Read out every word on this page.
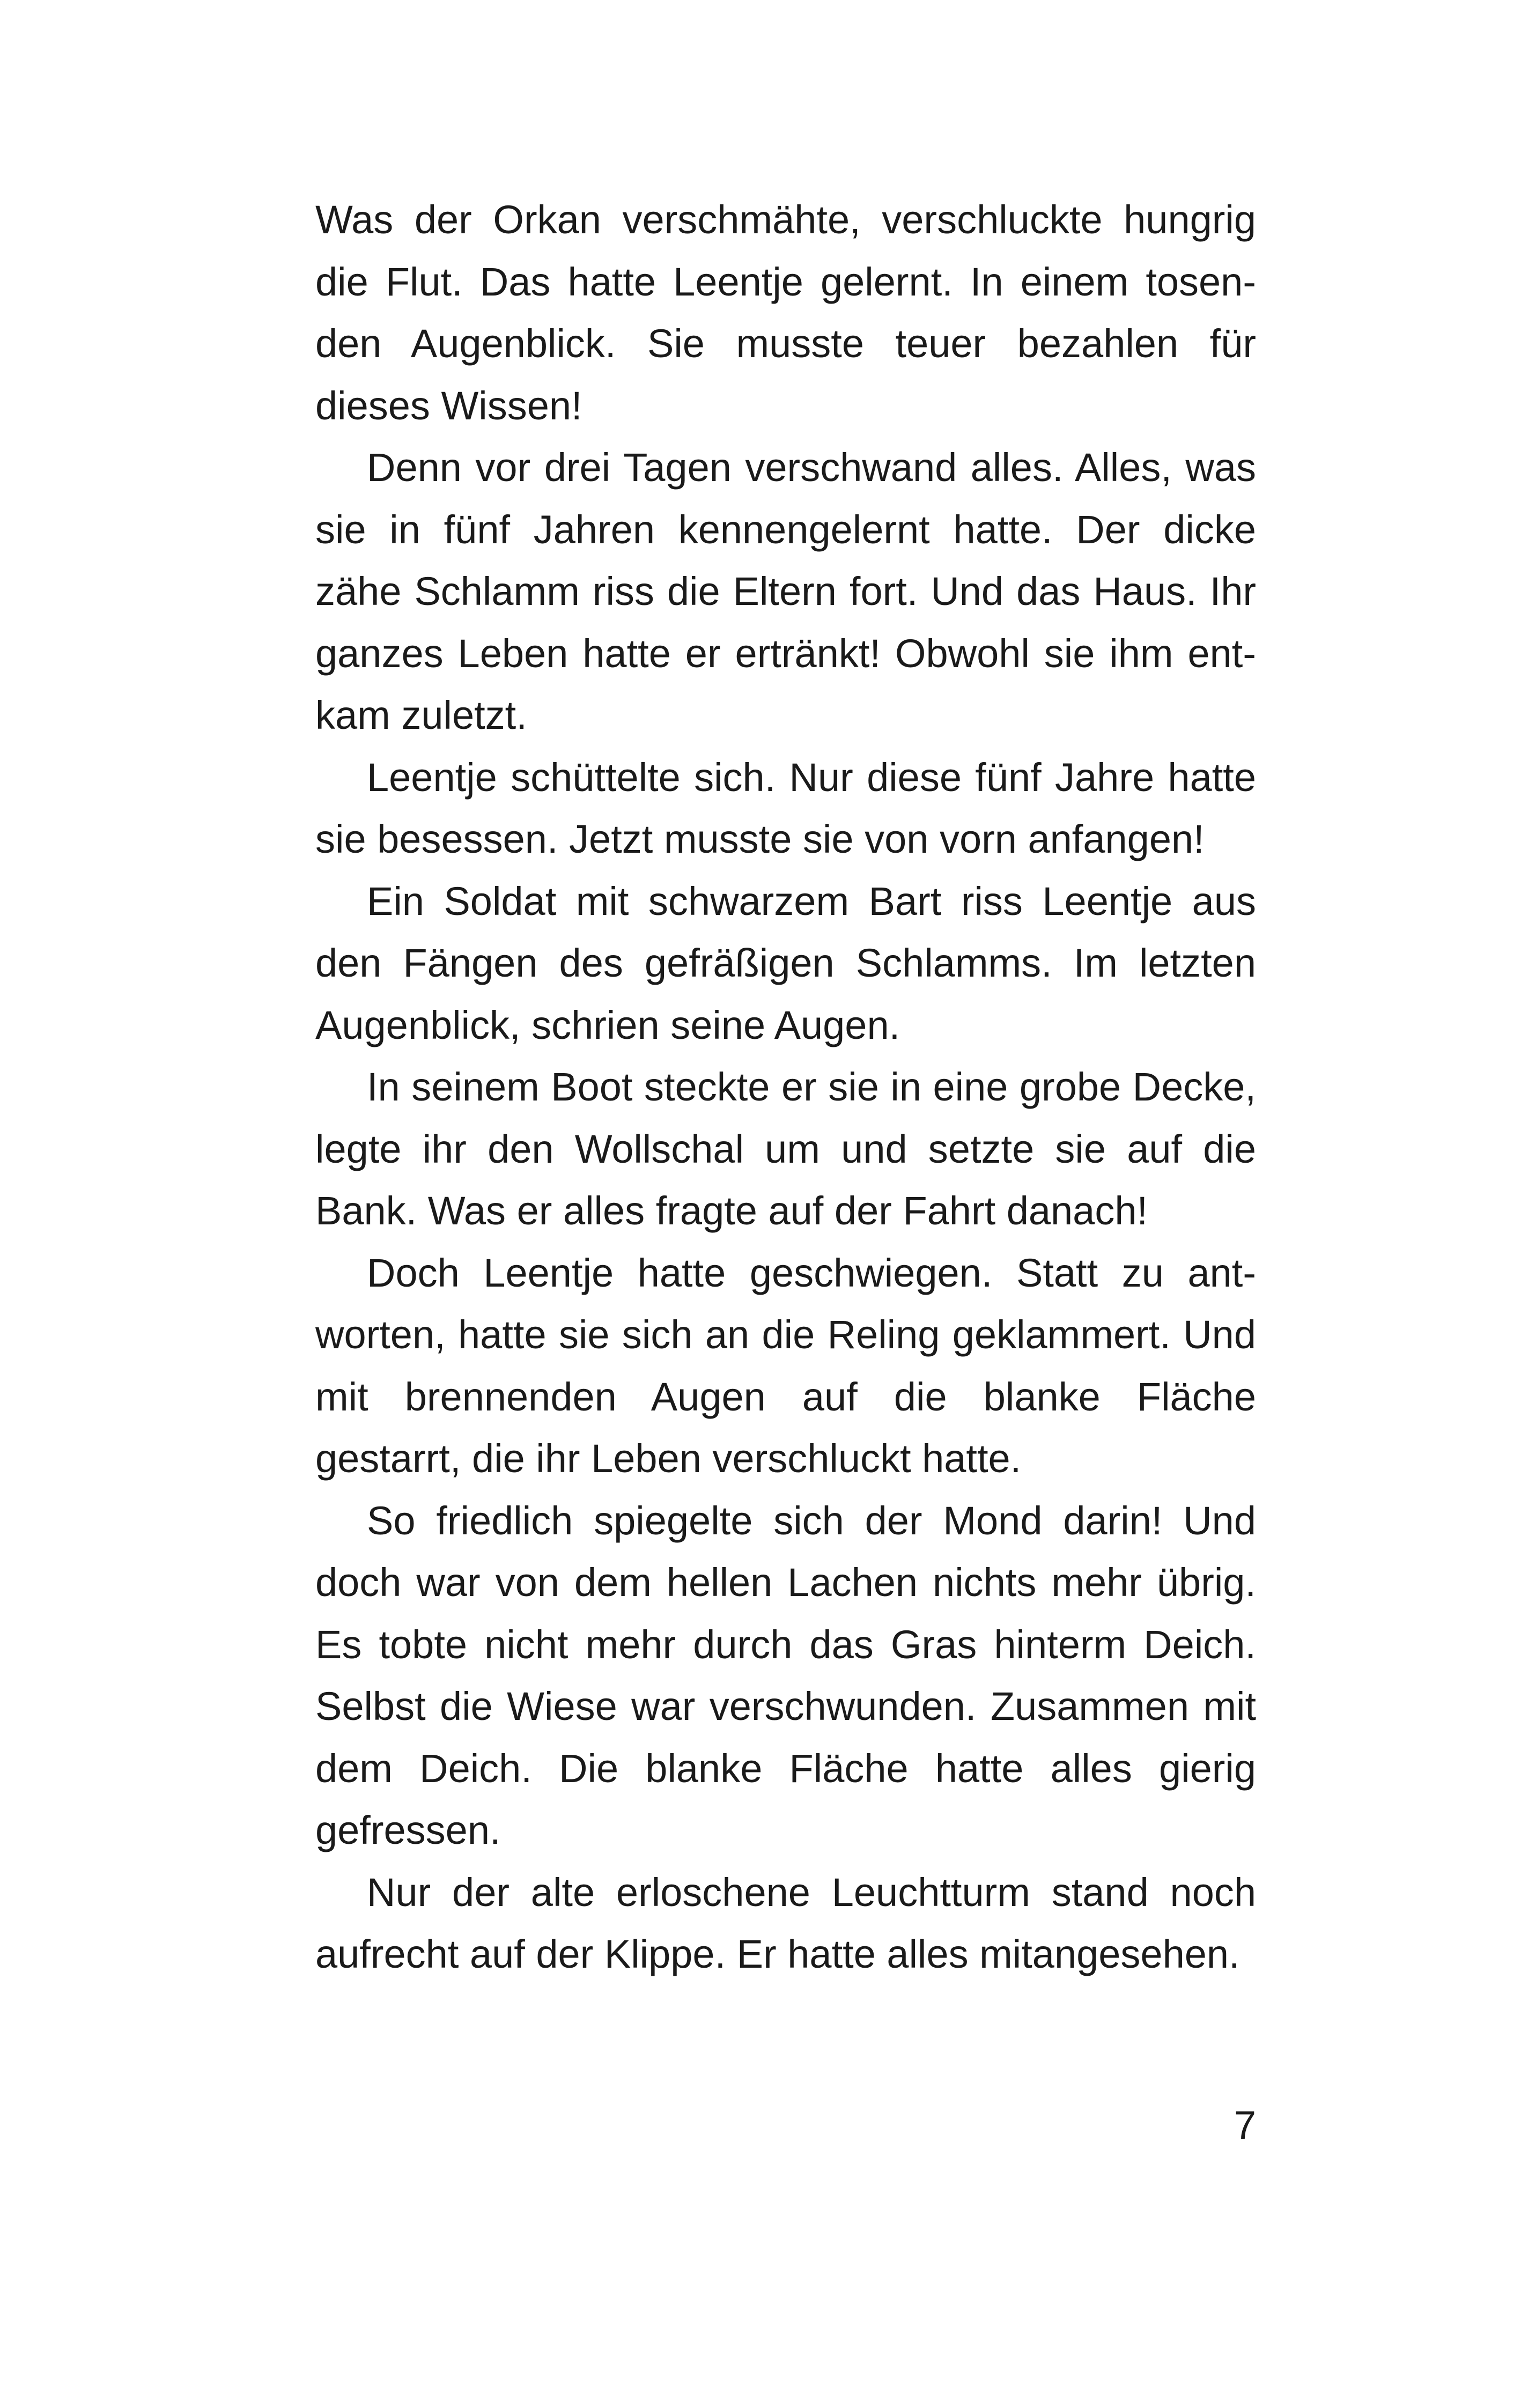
Was der Orkan verschmähte, verschluckte hungrig die Flut. Das hatte Leentje gelernt. In einem tosenden Augenblick. Sie musste teuer bezahlen für dieses Wissen!

Denn vor drei Tagen verschwand alles. Alles, was sie in fünf Jahren kennengelernt hatte. Der dicke zähe Schlamm riss die Eltern fort. Und das Haus. Ihr ganzes Leben hatte er ertränkt! Obwohl sie ihm entkam zuletzt.

Leentje schüttelte sich. Nur diese fünf Jahre hatte sie besessen. Jetzt musste sie von vorn anfangen!

Ein Soldat mit schwarzem Bart riss Leentje aus den Fängen des gefräßigen Schlamms. Im letzten Augenblick, schrien seine Augen.

In seinem Boot steckte er sie in eine grobe Decke, legte ihr den Wollschal um und setzte sie auf die Bank. Was er alles fragte auf der Fahrt danach!

Doch Leentje hatte geschwiegen. Statt zu antworten, hatte sie sich an die Reling geklammert. Und mit brennenden Augen auf die blanke Fläche gestarrt, die ihr Leben verschluckt hatte.

So friedlich spiegelte sich der Mond darin! Und doch war von dem hellen Lachen nichts mehr übrig. Es tobte nicht mehr durch das Gras hinterm Deich. Selbst die Wiese war verschwunden. Zusammen mit dem Deich. Die blanke Fläche hatte alles gierig gefressen.

Nur der alte erloschene Leuchtturm stand noch aufrecht auf der Klippe. Er hatte alles mitangesehen.

7
